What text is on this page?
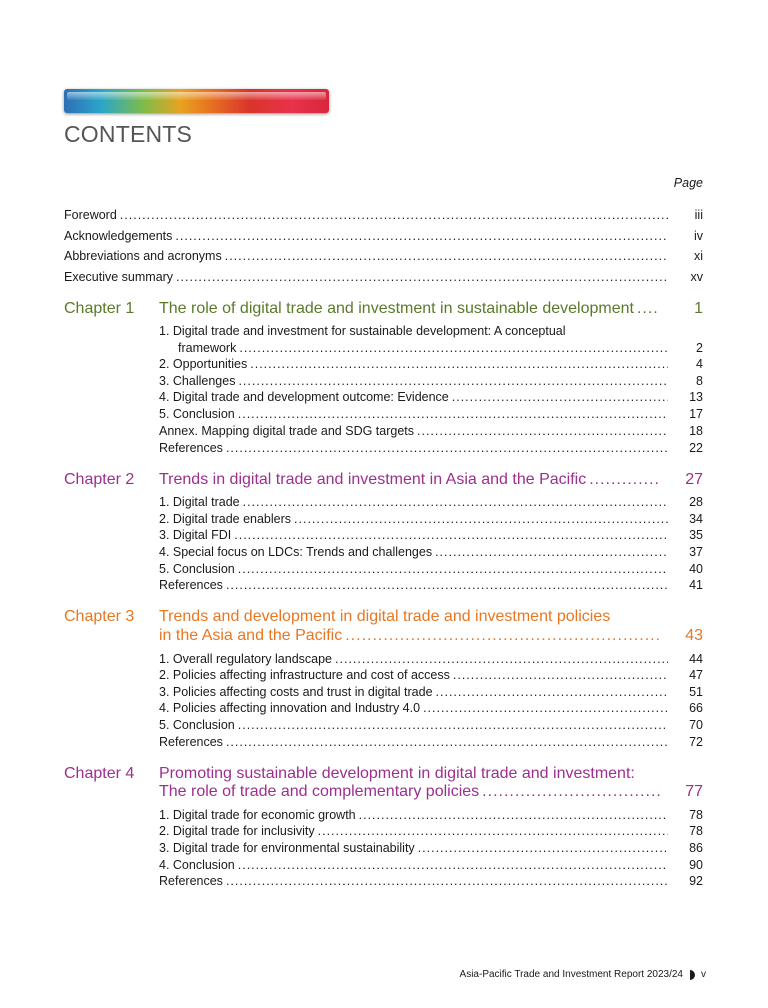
CONTENTS
Page
Foreword .....	iii
Acknowledgements .....	iv
Abbreviations and acronyms .....	xi
Executive summary .....	xv
Chapter 1 The role of digital trade and investment in sustainable development .....	1
1. Digital trade and investment for sustainable development: A conceptual
framework .....	2
2. Opportunities .....	4
3. Challenges .....	8
4. Digital trade and development outcome: Evidence .....	13
5. Conclusion .....	17
Annex. Mapping digital trade and SDG targets .....	18
References .....	22
Chapter 2 Trends in digital trade and investment in Asia and the Pacific .....	27
1. Digital trade .....	28
2. Digital trade enablers .....	34
3. Digital FDI .....	35
4. Special focus on LDCs: Trends and challenges .....	37
5. Conclusion .....	40
References .....	41
Chapter 3 Trends and development in digital trade and investment policies
in the Asia and the Pacific .....	43
1. Overall regulatory landscape .....	44
2. Policies affecting infrastructure and cost of access .....	47
3. Policies affecting costs and trust in digital trade .....	51
4. Policies affecting innovation and Industry 4.0 .....	66
5. Conclusion .....	70
References .....	72
Chapter 4 Promoting sustainable development in digital trade and investment:
The role of trade and complementary policies .....	77
1. Digital trade for economic growth .....	78
2. Digital trade for inclusivity .....	78
3. Digital trade for environmental sustainability .....	86
4. Conclusion .....	90
References .....	92
Asia-Pacific Trade and Investment Report 2023/24 v
